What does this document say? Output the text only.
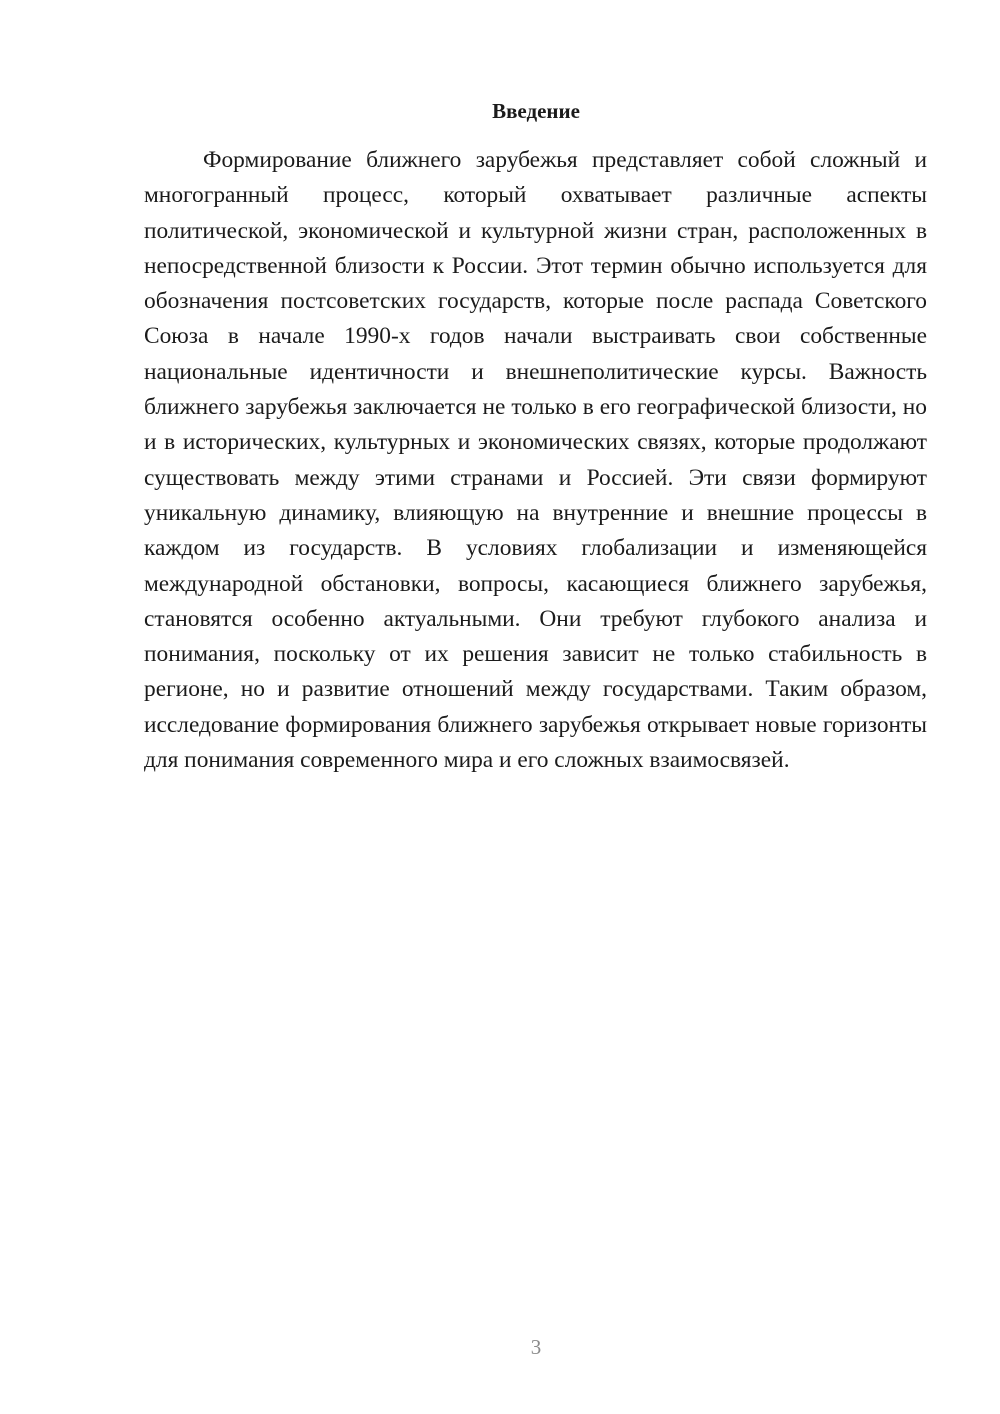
Введение

Формирование ближнего зарубежья представляет собой сложный и многогранный процесс, который охватывает различные аспекты политической, экономической и культурной жизни стран, расположенных в непосредственной близости к России. Этот термин обычно используется для обозначения постсоветских государств, которые после распада Советского Союза в начале 1990-х годов начали выстраивать свои собственные национальные идентичности и внешнеполитические курсы. Важность ближнего зарубежья заключается не только в его географической близости, но и в исторических, культурных и экономических связях, которые продолжают существовать между этими странами и Россией. Эти связи формируют уникальную динамику, влияющую на внутренние и внешние процессы в каждом из государств. В условиях глобализации и изменяющейся международной обстановки, вопросы, касающиеся ближнего зарубежья, становятся особенно актуальными. Они требуют глубокого анализа и понимания, поскольку от их решения зависит не только стабильность в регионе, но и развитие отношений между государствами. Таким образом, исследование формирования ближнего зарубежья открывает новые горизонты для понимания современного мира и его сложных взаимосвязей.

3
